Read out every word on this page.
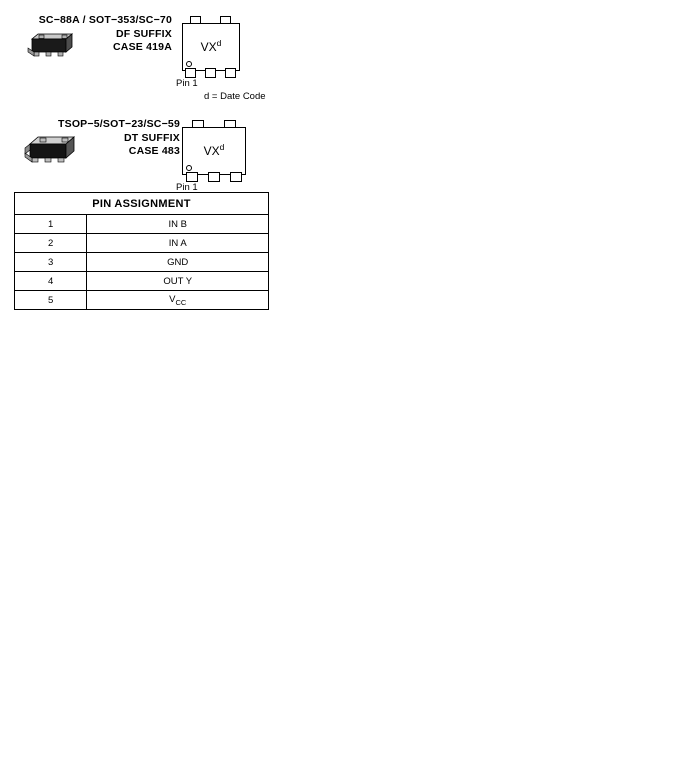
SC−88A / SOT−353/SC−70
DF SUFFIX
CASE 419A	$VX^d$
Pin 1
d = Date Code
TSOP−5/SOT−23/SC−59
DT SUFFIX
CASE 483	$VX^d$
Pin 1
PIN ASSIGNMENT	
1	IN B
2	IN A
3	GND
4	OUT Y
5	$V_{CC}$
